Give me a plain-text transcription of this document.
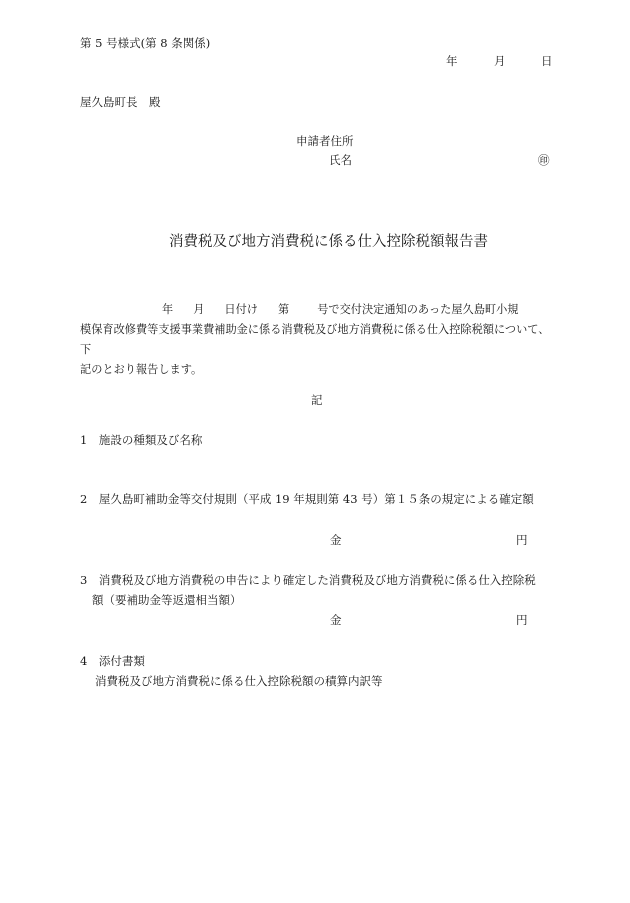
第 5 号様式(第 8 条関係)
年	月	日
屋久島町長　殿
申請者住所
氏名	㊞
消費税及び地方消費税に係る仕入控除税額報告書
年 月 日付け 第	号で交付決定通知のあった屋久島町小規
模保育改修費等支援事業費補助金に係る消費税及び地方消費税に係る仕入控除税額について、下
記のとおり報告します。
記
1　施設の種類及び名称
2　屋久島町補助金等交付規則（平成 19 年規則第 43 号）第１５条の規定による確定額
金	円
3　消費税及び地方消費税の申告により確定した消費税及び地方消費税に係る仕入控除税
額（要補助金等返還相当額）
金	円
4　添付書類
消費税及び地方消費税に係る仕入控除税額の積算内訳等
